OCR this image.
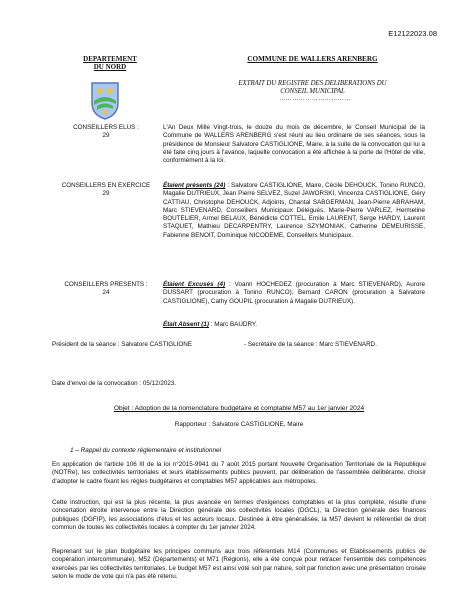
E12122023.08
DEPARTEMENT
DU NORD
COMMUNE DE WALLERS ARENBERG
EXTRAIT DU REGISTRE DES DELIBERATIONS DU
CONSEIL MUNICIPAL
……………………………
CONSEILLERS ELUS :
29
L'An Deux Mille Vingt-trois, le douze du mois de décembre, le Conseil Municipal de la Commune de WALLERS ARENBERG s'est réuni au lieu ordinaire de ses séances, sous la présidence de Monsieur Salvatore CASTIGLIONE, Maire, à la suite de la convocation qui lui a été faite cinq jours à l'avance, laquelle convocation a été affichée à la porte de l'Hôtel de ville, conformément à la loi.
CONSEILLERS EN EXERCICE
29
Étaient présents (24) : Salvatore CASTIGLIONE, Maire, Cécile DEHOUCK, Tonino RUNCO, Magalie DUTRIEUX, Jean Pierre SELVEZ, Suzel JAWORSKI, Vincenza CASTIGLIONE, Géry CATTIAU, Christophe DEHOUCK, Adjoints, Chantal SABGERMAN, Jean-Pierre ABRAHAM, Marc STIEVENARD, Conseillers Municipaux Délégués, Marie-Pierre VARLEZ, Hermeline BOUTELIER, Armel BELAUX, Bénédicte COTTEL, Emile LAURENT, Serge HARDY, Laurent STAQUET, Mathieu DECARPENTRY, Laurence SZYMONIAK, Catherine DEMEURISSE, Fabienne BENOIT, Dominique NICODEME, Conseillers Municipaux.
CONSEILLERS PRESENTS :
24
Étaient Excusés (4) : Voann HOCHEDEZ (procuration à Marc STIEVENARD), Aurore DUSSART (procuration à Tonino RUNCO), Bernard CARON (procuration à Salvatore CASTIGLIONE), Cathy GOUPIL (procuration à Magalie DUTRIEUX).
Était Absent (1) : Marc BAUDRY.
Président de la séance : Salvatore CASTIGLIONE	- Secrétaire de la séance : Marc STIEVENARD.
Date d'envoi de la convocation : 05/12/2023.
Objet : Adoption de la nomenclature budgétaire et comptable M57 au 1er janvier 2024
Rapporteur : Salvatore CASTIGLIONE, Maire
1 – Rappel du contexte réglementaire et institutionnel
En application de l'article 106 III de la loi n°2015-9941 du 7 août 2015 portant Nouvelle Organisation Territoriale de la République (NOTRe), les collectivités territoriales et leurs établissements publics peuvent, par délibération de l'assemblée délibérante, choisir d'adopter le cadre fixant les règles budgétaires et comptables M57 applicables aux métropoles.
Cette instruction, qui est la plus récente, la plus avancée en termes d'exigences comptables et la plus complète, résulte d'une concertation étroite intervenue entre la Direction générale des collectivités locales (DGCL), la Direction générale des finances publiques (DGFIP), les associations d'élus et les acteurs locaux. Destinée à être généralisée, la M57 devient le référentiel de droit commun de toutes les collectivités locales à compter du 1er janvier 2024.
Reprenant sur le plan budgétaire les principes communs aux trois référentiels M14 (Communes et Etablissements publics de coopération intercommunale), M52 (Départements) et M71 (Régions), elle a été conçue pour retracer l'ensemble des compétences exercées par les collectivités territoriales. Le budget M57 est ainsi voté soit par nature, soit par fonction avec une présentation croisée selon le mode de vote qui n'a pas été retenu.
